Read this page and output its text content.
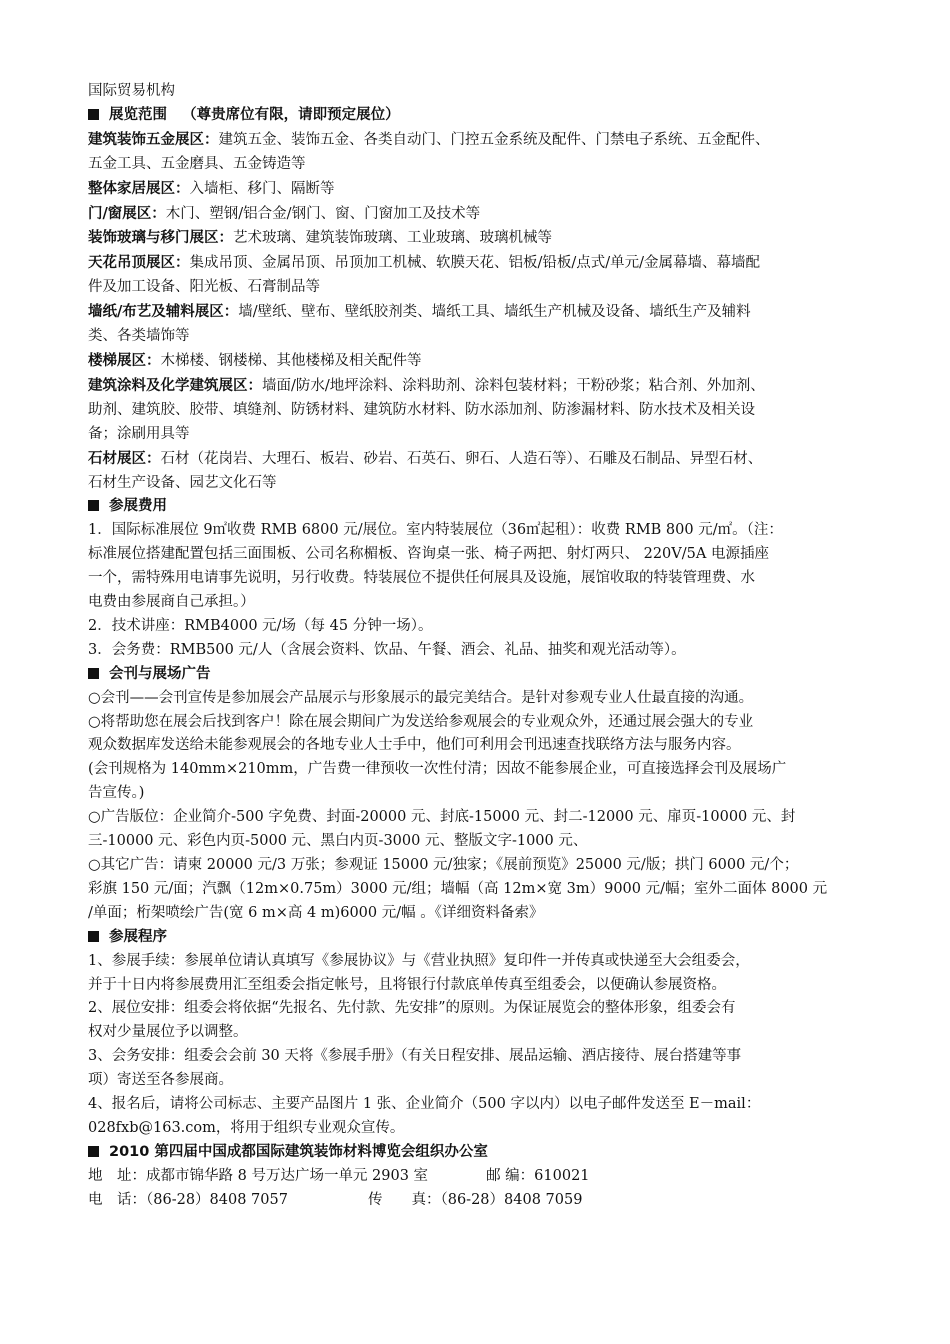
国际贸易机构
展览范围 （尊贵席位有限，请即预定展位）
建筑装饰五金展区：建筑五金、装饰五金、各类自动门、门控五金系统及配件、门禁电子系统、五金配件、
五金工具、五金磨具、五金铸造等
整体家居展区：入墙柜、移门、隔断等
门/窗展区：木门、塑钢/铝合金/钢门、窗、门窗加工及技术等
装饰玻璃与移门展区：艺术玻璃、建筑装饰玻璃、工业玻璃、玻璃机械等
天花吊顶展区：集成吊顶、金属吊顶、吊顶加工机械、软膜天花、铝板/铅板/点式/单元/金属幕墙、幕墙配
件及加工设备、阳光板、石膏制品等
墙纸/布艺及辅料展区：墙/壁纸、壁布、壁纸胶剂类、墙纸工具、墙纸生产机械及设备、墙纸生产及辅料
类、各类墙饰等
楼梯展区：木梯楼、钢楼梯、其他楼梯及相关配件等
建筑涂料及化学建筑展区：墙面/防水/地坪涂料、涂料助剂、涂料包装材料；干粉砂浆；粘合剂、外加剂、
助剂、建筑胶、胶带、填缝剂、防锈材料、建筑防水材料、防水添加剂、防渗漏材料、防水技术及相关设
备；涂刷用具等
石材展区：石材（花岗岩、大理石、板岩、砂岩、石英石、卵石、人造石等）、石雕及石制品、异型石材、
石材生产设备、园艺文化石等
参展费用
1．国际标准展位 9㎡收费 RMB 6800 元/展位。室内特装展位（36㎡起租）：收费 RMB 800 元/㎡。（注：
标准展位搭建配置包括三面围板、公司名称楣板、咨询桌一张、椅子两把、射灯两只、 220V/5A 电源插座
一个，需特殊用电请事先说明，另行收费。特装展位不提供任何展具及设施，展馆收取的特装管理费、水
电费由参展商自己承担。）
2．技术讲座：RMB4000 元/场（每 45 分钟一场）。
3．会务费：RMB500 元/人（含展会资料、饮品、午餐、酒会、礼品、抽奖和观光活动等）。
会刊与展场广告
○会刊——会刊宣传是参加展会产品展示与形象展示的最完美结合。是针对参观专业人仕最直接的沟通。
○将帮助您在展会后找到客户！除在展会期间广为发送给参观展会的专业观众外，还通过展会强大的专业
观众数据库发送给未能参观展会的各地专业人士手中，他们可利用会刊迅速查找联络方法与服务内容。
(会刊规格为 140mm×210mm，广告费一律预收一次性付清；因故不能参展企业，可直接选择会刊及展场广
告宣传。)
○广告版位：企业简介-500 字免费、封面-20000 元、封底-15000 元、封二-12000 元、扉页-10000 元、封
三-10000 元、彩色内页-5000 元、黑白内页-3000 元、整版文字-1000 元、
○其它广告：请柬 20000 元/3 万张；参观证 15000 元/独家；《展前预览》25000 元/版；拱门 6000 元/个；
彩旗 150 元/面；汽飘（12m×0.75m）3000 元/组；墙幅（高 12m×宽 3m）9000 元/幅；室外二面体 8000 元
/单面；桁架喷绘广告(宽 6 m×高 4 m)6000 元/幅 。《详细资料备索》
参展程序
1、参展手续：参展单位请认真填写《参展协议》与《营业执照》复印件一并传真或快递至大会组委会，
并于十日内将参展费用汇至组委会指定帐号，且将银行付款底单传真至组委会，以便确认参展资格。
2、展位安排：组委会将依据“先报名、先付款、先安排”的原则。为保证展览会的整体形象，组委会有
权对少量展位予以调整。
3、会务安排：组委会会前 30 天将《参展手册》（有关日程安排、展品运输、酒店接待、展台搭建等事
项）寄送至各参展商。
4、报名后，请将公司标志、主要产品图片 1 张、企业简介（500 字以内）以电子邮件发送至 E－mail：
028fxb@163.com，将用于组织专业观众宣传。
2010 第四届中国成都国际建筑装饰材料博览会组织办公室
地　址：成都市锦华路 8 号万达广场一单元 2903 室	邮 编：610021
电　话：（86-28）8408 7057	传　　真：（86-28）8408 7059
